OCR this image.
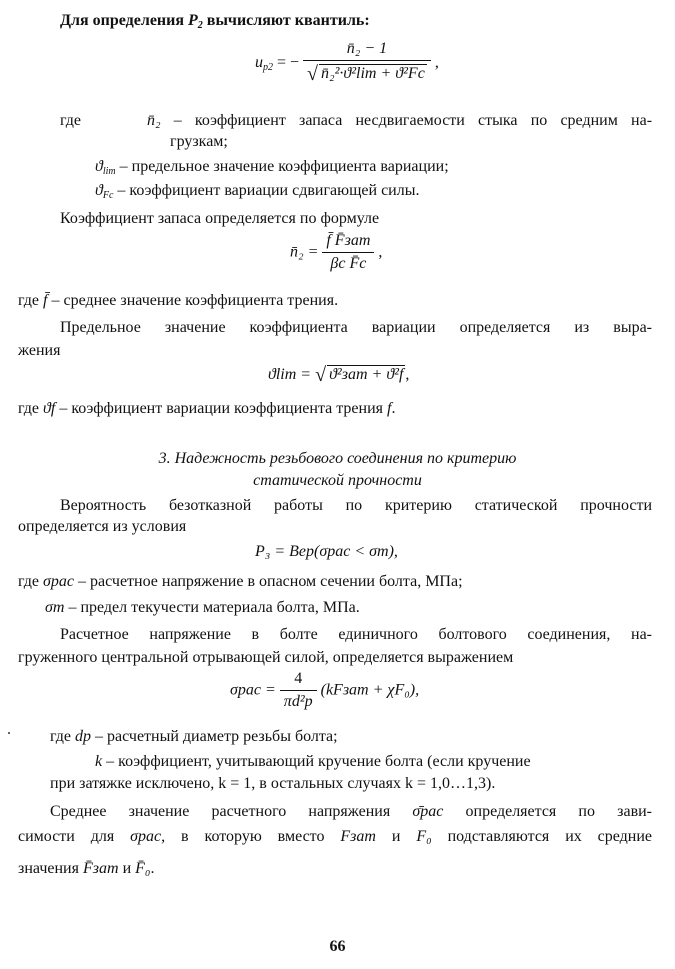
Для определения $P_2$ вычисляют квантиль:
$u_{p2}$ = − $\frac{\text{n̄₂ − 1}}{\text{√ n̄₂²·ϑ²lim + ϑ²Fc}}$ ,
где	n̄₂ – коэффициент запаса несдвигаемости стыка по средним на-
грузкам;
$ϑ_{lim}$ – предельное значение коэффициента вариации;
$ϑ_{Fc}$ – коэффициент вариации сдвигающей силы.
Коэффициент запаса определяется по формуле
n̄₂ = $\frac{\text{f̄ F̄зат}}{\text{βc F̄c}}$ ,
где f̄ – среднее значение коэффициента трения.
Предельное значение коэффициента вариации определяется из выра-
жения
ϑlim = √ ϑ²зат + ϑ²f ,
где ϑf – коэффициент вариации коэффициента трения f.
3. Надежность резьбового соединения по критерию
статической прочности
Вероятность безотказной работы по критерию статической прочности
определяется из условия
P₃ = Вер(σрас < σт),
где σрас – расчетное напряжение в опасном сечении болта, МПа;
σт – предел текучести материала болта, МПа.
Расчетное напряжение в болте единичного болтового соединения, на-
груженного центральной отрывающей силой, определяется выражением
$\sigma рас = \frac{4}{\text{πd²p}}$ (kFзат + χF₀),
где dp – расчетный диаметр резьбы болта;
k – коэффициент, учитывающий кручение болта (если кручение
при затяжке исключено, k = 1, в остальных случаях k = 1,0…1,3).
Среднее значение расчетного напряжения σ̄рас определяется по зави-
симости для σрас, в которую вместо Fзат и F₀ подставляются их средние
значения F̄зат и F̄₀.
66
